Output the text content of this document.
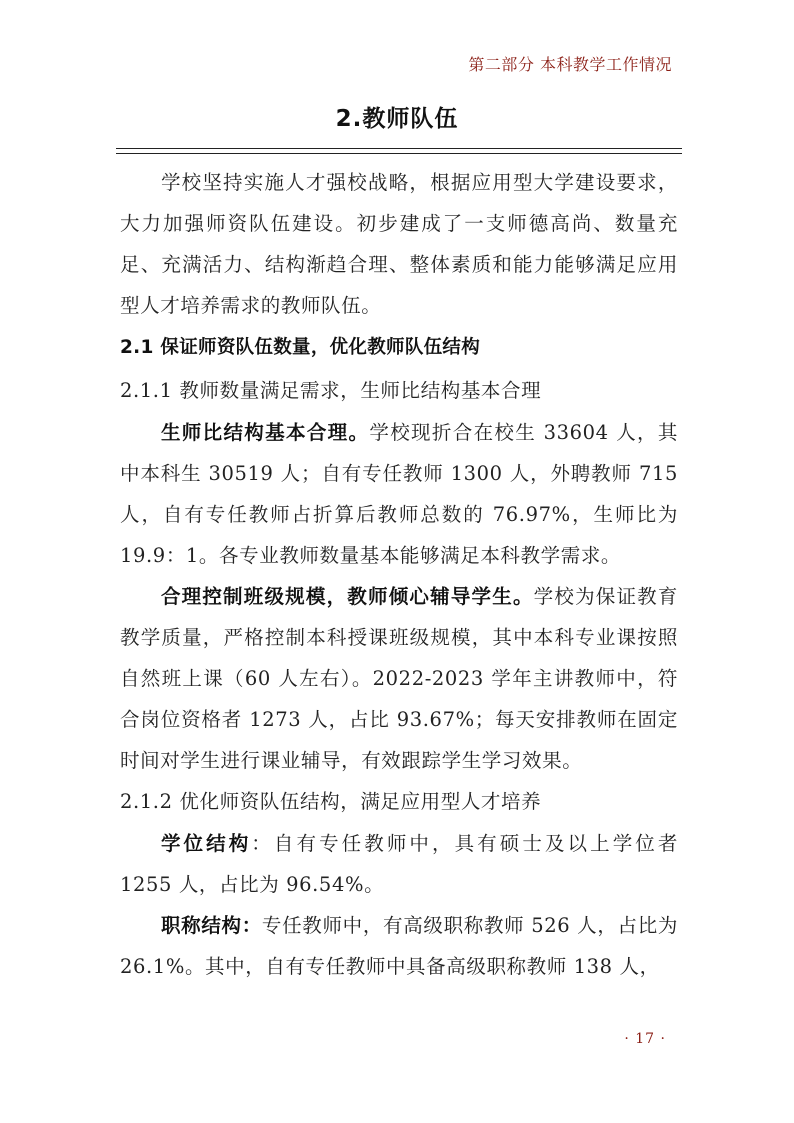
第二部分 本科教学工作情况
2.教师队伍

学校坚持实施人才强校战略，根据应用型大学建设要求，大力加强师资队伍建设。初步建成了一支师德高尚、数量充足、充满活力、结构渐趋合理、整体素质和能力能够满足应用型人才培养需求的教师队伍。

2.1 保证师资队伍数量，优化教师队伍结构

2.1.1 教师数量满足需求，生师比结构基本合理

生师比结构基本合理。学校现折合在校生 33604 人，其中本科生 30519 人；自有专任教师 1300 人，外聘教师 715 人，自有专任教师占折算后教师总数的 76.97%，生师比为 19.9：1。各专业教师数量基本能够满足本科教学需求。

合理控制班级规模，教师倾心辅导学生。学校为保证教育教学质量，严格控制本科授课班级规模，其中本科专业课按照自然班上课（60 人左右）。2022-2023 学年主讲教师中，符合岗位资格者 1273 人，占比 93.67%；每天安排教师在固定时间对学生进行课业辅导，有效跟踪学生学习效果。

2.1.2 优化师资队伍结构，满足应用型人才培养

学位结构：自有专任教师中，具有硕士及以上学位者 1255 人，占比为 96.54%。

职称结构：专任教师中，有高级职称教师 526 人，占比为 26.1%。其中，自有专任教师中具备高级职称教师 138 人，

· 17 ·
